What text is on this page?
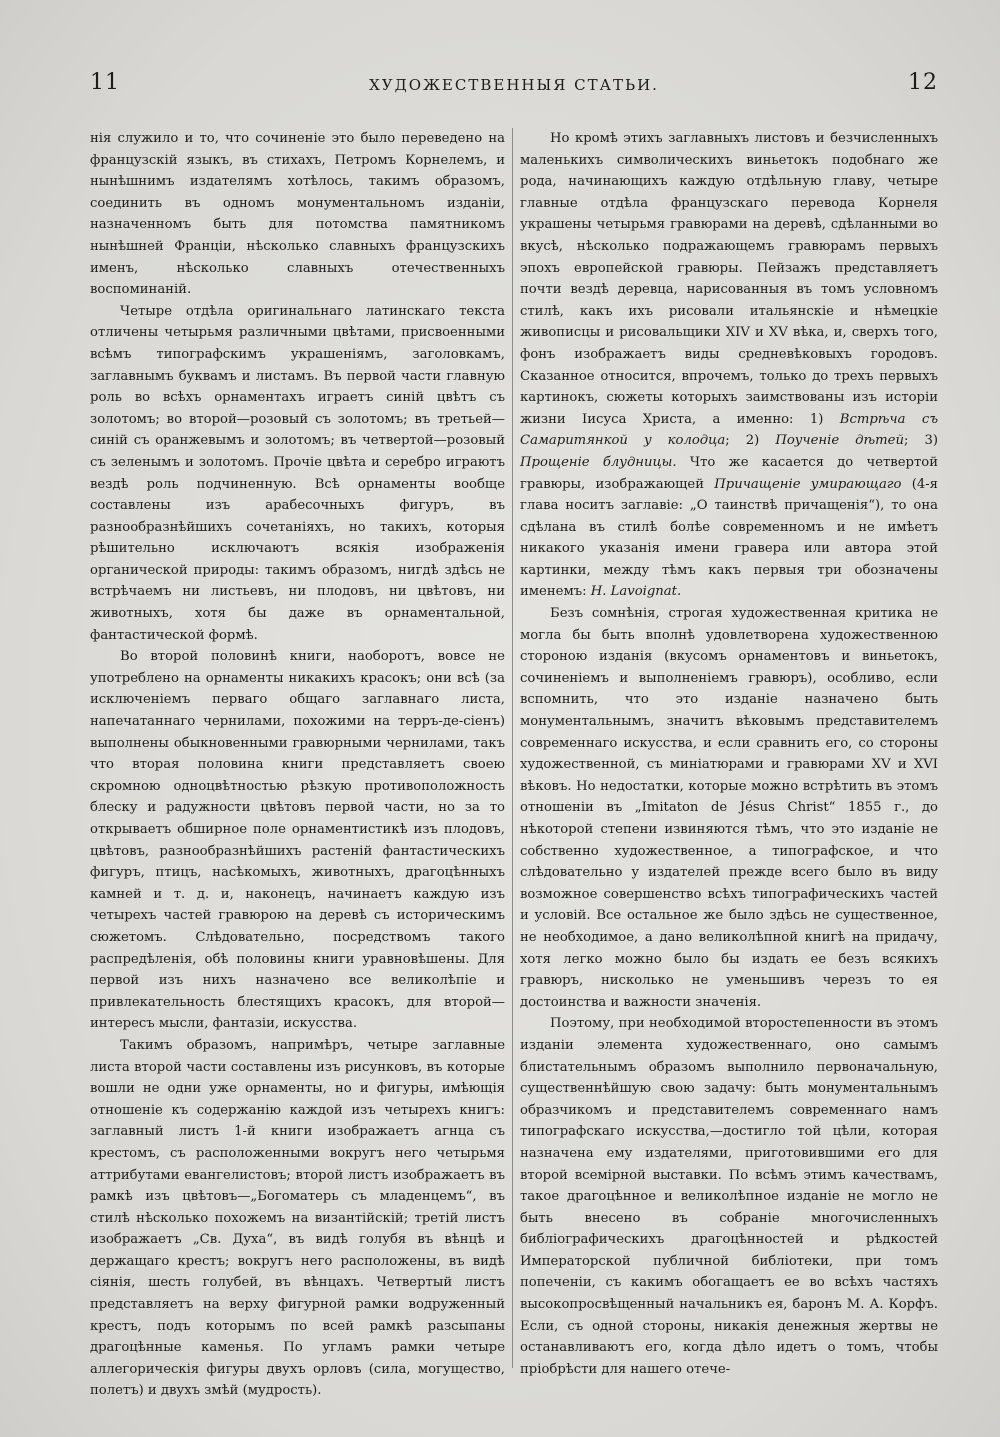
11	ХУДОЖЕСТВЕННЫЯ СТАТЬИ.	12

нія служило и то, что сочиненіе это было переведено на французскій языкъ, въ стихахъ, Петромъ Корнелемъ, и нынѣшнимъ издателямъ хотѣлось, такимъ образомъ, соединить въ одномъ монументальномъ изданіи, назначенномъ быть для потомства памятникомъ нынѣшней Франціи, нѣсколько славныхъ французскихъ именъ, нѣсколько славныхъ отечественныхъ воспоминаній.

Четыре отдѣла оригинальнаго латинскаго текста отличены четырьмя различными цвѣтами, присвоенными всѣмъ типографскимъ украшеніямъ, заголовкамъ, заглавнымъ буквамъ и листамъ. Въ первой части главную роль во всѣхъ орнаментахъ играетъ синій цвѣтъ съ золотомъ; во второй—розовый съ золотомъ; въ третьей—синій съ оранжевымъ и золотомъ; въ четвертой—розовый съ зеленымъ и золотомъ. Прочіе цвѣта и серебро играютъ вездѣ роль подчиненную. Всѣ орнаменты вообще составлены изъ арабесочныхъ фигуръ, въ разнообразнѣйшихъ сочетаніяхъ, но такихъ, которыя рѣшительно исключаютъ всякія изображенія органической природы: такимъ образомъ, нигдѣ здѣсь не встрѣчаемъ ни листьевъ, ни плодовъ, ни цвѣтовъ, ни животныхъ, хотя бы даже въ орнаментальной, фантастической формѣ.

Во второй половинѣ книги, наоборотъ, вовсе не употреблено на орнаменты никакихъ красокъ; они всѣ (за исключеніемъ перваго общаго заглавнаго листа, напечатаннаго чернилами, похожими на терръ-де-сіенъ) выполнены обыкновенными гравюрными чернилами, такъ что вторая половина книги представляетъ своею скромною одноцвѣтностью рѣзкую противоположность блеску и радужности цвѣтовъ первой части, но за то открываетъ обширное поле орнаментистикѣ изъ плодовъ, цвѣтовъ, разнообразнѣйшихъ растеній фантастическихъ фигуръ, птицъ, насѣкомыхъ, животныхъ, драгоцѣнныхъ камней и т. д. и, наконецъ, начинаетъ каждую изъ четырехъ частей гравюрою на деревѣ съ историческимъ сюжетомъ. Слѣдовательно, посредствомъ такого распредѣленія, обѣ половины книги уравновѣшены. Для первой изъ нихъ назначено все великолѣпіе и привлекательность блестящихъ красокъ, для второй—интересъ мысли, фантазіи, искусства.

Такимъ образомъ, напримѣръ, четыре заглавные листа второй части составлены изъ рисунковъ, въ которые вошли не одни уже орнаменты, но и фигуры, имѣющія отношеніе къ содержанію каждой изъ четырехъ книгъ: заглавный листъ 1-й книги изображаетъ агнца съ крестомъ, съ расположенными вокругъ него четырьмя аттрибутами евангелистовъ; второй листъ изображаетъ въ рамкѣ изъ цвѣтовъ—„Богоматерь съ младенцемъ“, въ стилѣ нѣсколько похожемъ на византійскій; третій листъ изображаетъ „Св. Духа“, въ видѣ голубя въ вѣнцѣ и держащаго крестъ; вокругъ него расположены, въ видѣ сіянія, шесть голубей, въ вѣнцахъ. Четвертый листъ представляетъ на верху фигурной рамки водруженный крестъ, подъ которымъ по всей рамкѣ разсыпаны драгоцѣнные каменья. По угламъ рамки четыре аллегорическія фигуры двухъ орловъ (сила, могущество, полетъ) и двухъ змѣй (мудрость).

Но кромѣ этихъ заглавныхъ листовъ и безчисленныхъ маленькихъ символическихъ виньетокъ подобнаго же рода, начинающихъ каждую отдѣльную главу, четыре главные отдѣла французскаго перевода Корнеля украшены четырьмя гравюрами на деревѣ, сдѣланными во вкусѣ, нѣсколько подражающемъ гравюрамъ первыхъ эпохъ европейской гравюры. Пейзажъ представляетъ почти вездѣ деревца, нарисованныя въ томъ условномъ стилѣ, какъ ихъ рисовали итальянскіе и нѣмецкіе живописцы и рисовальщики XIV и XV вѣка, и, сверхъ того, фонъ изображаетъ виды средневѣковыхъ городовъ. Сказанное относится, впрочемъ, только до трехъ первыхъ картинокъ, сюжеты которыхъ заимствованы изъ исторіи жизни Іисуса Христа, а именно: 1) Встрѣча съ Самаритянкой у колодца; 2) Поученіе дѣтей; 3) Прощеніе блудницы. Что же касается до четвертой гравюры, изображающей Причащеніе умирающаго (4-я глава носитъ заглавіе: „О таинствѣ причащенія“), то она сдѣлана въ стилѣ болѣе современномъ и не имѣетъ никакого указанія имени гравера или автора этой картинки, между тѣмъ какъ первыя три обозначены именемъ: H. Lavoignat.

Безъ сомнѣнія, строгая художественная критика не могла бы быть вполнѣ удовлетворена художественною стороною изданія (вкусомъ орнаментовъ и виньетокъ, сочиненіемъ и выполненіемъ гравюръ), особливо, если вспомнить, что это изданіе назначено быть монументальнымъ, значитъ вѣковымъ представителемъ современнаго искусства, и если сравнить его, со стороны художественной, съ миніатюрами и гравюрами XV и XVI вѣковъ. Но недостатки, которые можно встрѣтить въ этомъ отношеніи въ „Imitaton de Jésus Christ“ 1855 г., до нѣкоторой степени извиняются тѣмъ, что это изданіе не собственно художественное, а типографское, и что слѣдовательно у издателей прежде всего было въ виду возможное совершенство всѣхъ типографическихъ частей и условій. Все остальное же было здѣсь не существенное, не необходимое, а дано великолѣпной книгѣ на придачу, хотя легко можно было бы издать ее безъ всякихъ гравюръ, нисколько не уменьшивъ черезъ то ея достоинства и важности значенія.

Поэтому, при необходимой второстепенности въ этомъ изданіи элемента художественнаго, оно самымъ блистательнымъ образомъ выполнило первоначальную, существеннѣйшую свою задачу: быть монументальнымъ образчикомъ и представителемъ современнаго намъ типографскаго искусства,—достигло той цѣли, которая назначена ему издателями, приготовившими его для второй всемірной выставки. По всѣмъ этимъ качествамъ, такое драгоцѣнное и великолѣпное изданіе не могло не быть внесено въ собраніе многочисленныхъ библіографическихъ драгоцѣнностей и рѣдкостей Императорской публичной библіотеки, при томъ попеченіи, съ какимъ обогащаетъ ее во всѣхъ частяхъ высокопросвѣщенный начальникъ ея, баронъ М. А. Корфъ. Если, съ одной стороны, никакія денежныя жертвы не останавливаютъ его, когда дѣло идетъ о томъ, чтобы пріобрѣсти для нашего отече-
